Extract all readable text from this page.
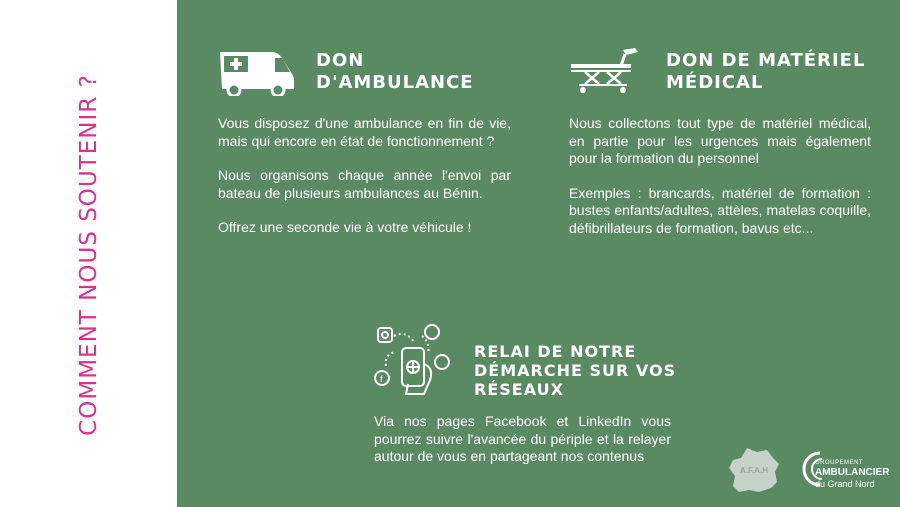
COMMENT NOUS SOUTENIR ?
DON
D'AMBULANCE

Vous disposez d'une ambulance en fin de vie, mais qui encore en état de fonctionnement ?

Nous organisons chaque année l'envoi par bateau de plusieurs ambulances au Bénin.

Offrez une seconde vie à votre véhicule !

DON DE MATÉRIEL
MÉDICAL

Nous collectons tout type de matériel médical, en partie pour les urgences mais également pour la formation du personnel

Exemples : brancards, matériel de formation : bustes enfants/adultes, attèles, matelas coquille, défibrillateurs de formation, bavus etc...

f
RELAI DE NOTRE
DÉMARCHE SUR VOS
RÉSEAUX

Via nos pages Facebook et LinkedIn vous pourrez suivre l'avancée du périple et la relayer autour de vous en partageant nos contenus

A.F.A.H
GROUPEMENT
AMBULANCIER
du Grand Nord
